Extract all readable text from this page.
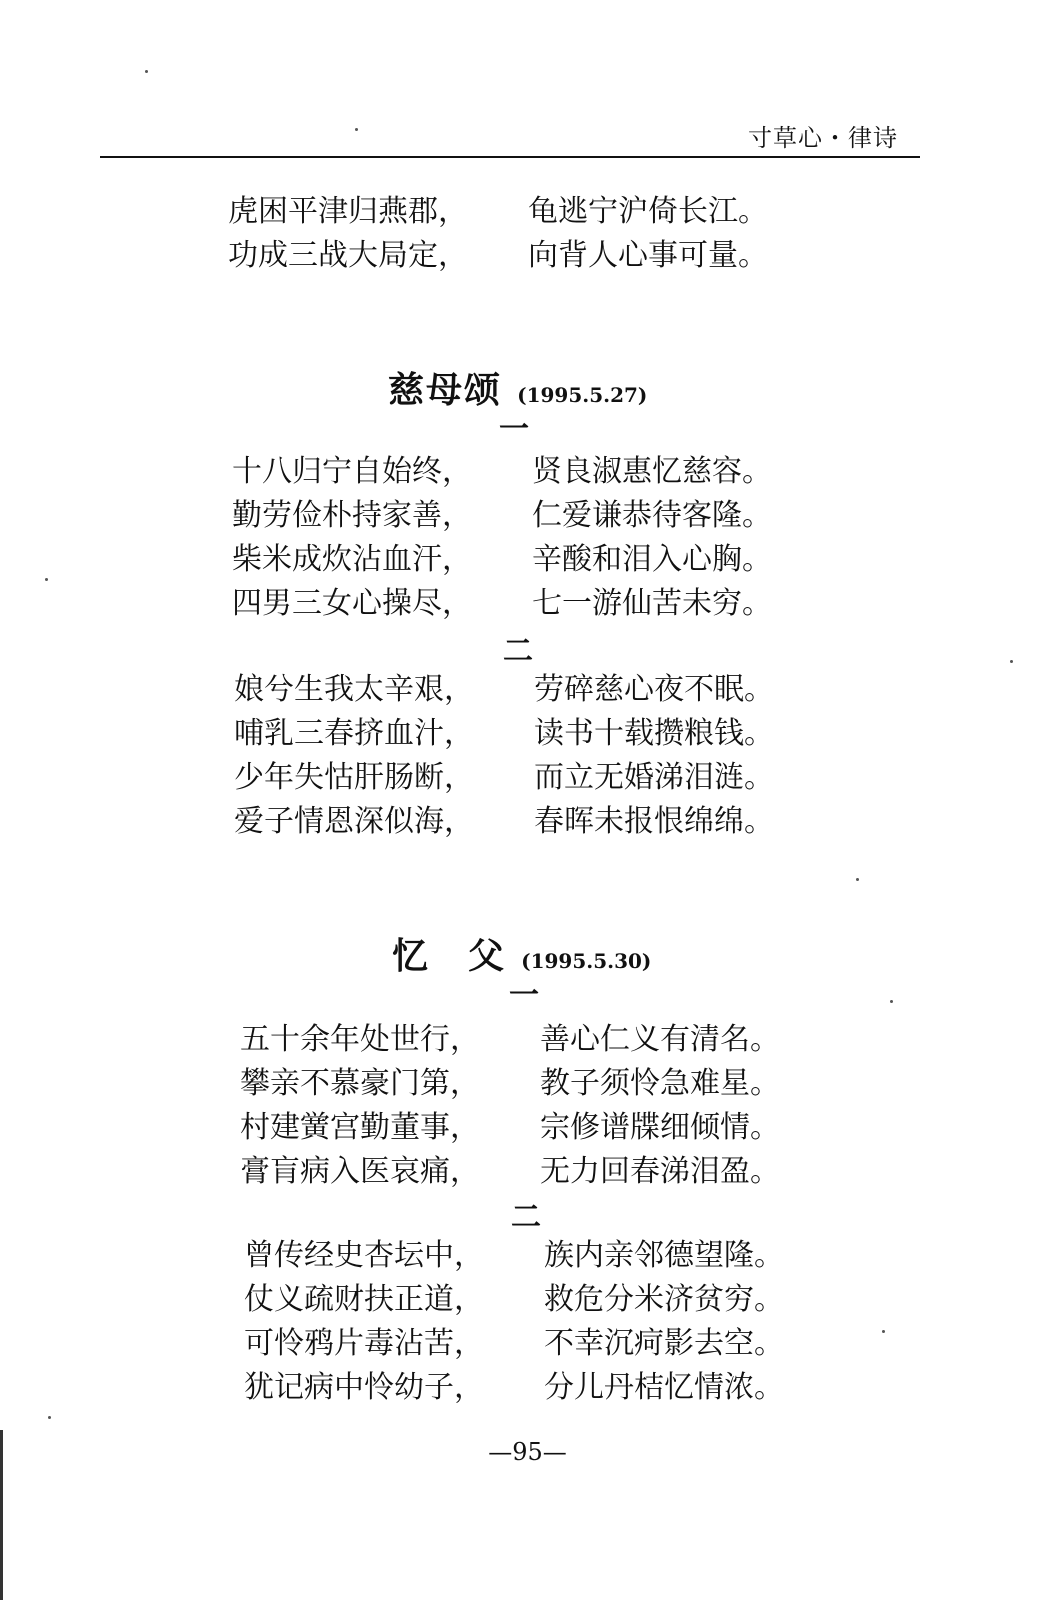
寸草心・律诗
虎困平津归燕郡， 龟逃宁沪倚长江。
功成三战大局定， 向背人心事可量。
慈母颂 (1995.5.27)
一
十八归宁自始终， 贤良淑惠忆慈容。
勤劳俭朴持家善， 仁爱谦恭待客隆。
柴米成炊沾血汗， 辛酸和泪入心胸。
四男三女心操尽， 七一游仙苦未穷。
二
娘兮生我太辛艰， 劳碎慈心夜不眠。
哺乳三春挤血汁， 读书十载攒粮钱。
少年失怙肝肠断， 而立无婚涕泪涟。
爱子情恩深似海， 春晖未报恨绵绵。
忆　父 (1995.5.30)
一
五十余年处世行， 善心仁义有清名。
攀亲不慕豪门第， 教子须怜急难星。
村建黉宫勤董事， 宗修谱牒细倾情。
膏肓病入医哀痛， 无力回春涕泪盈。
二
曾传经史杏坛中， 族内亲邻德望隆。
仗义疏财扶正道， 救危分米济贫穷。
可怜鸦片毒沾苦， 不幸沉疴影去空。
犹记病中怜幼子， 分儿丹桔忆情浓。
—95—
